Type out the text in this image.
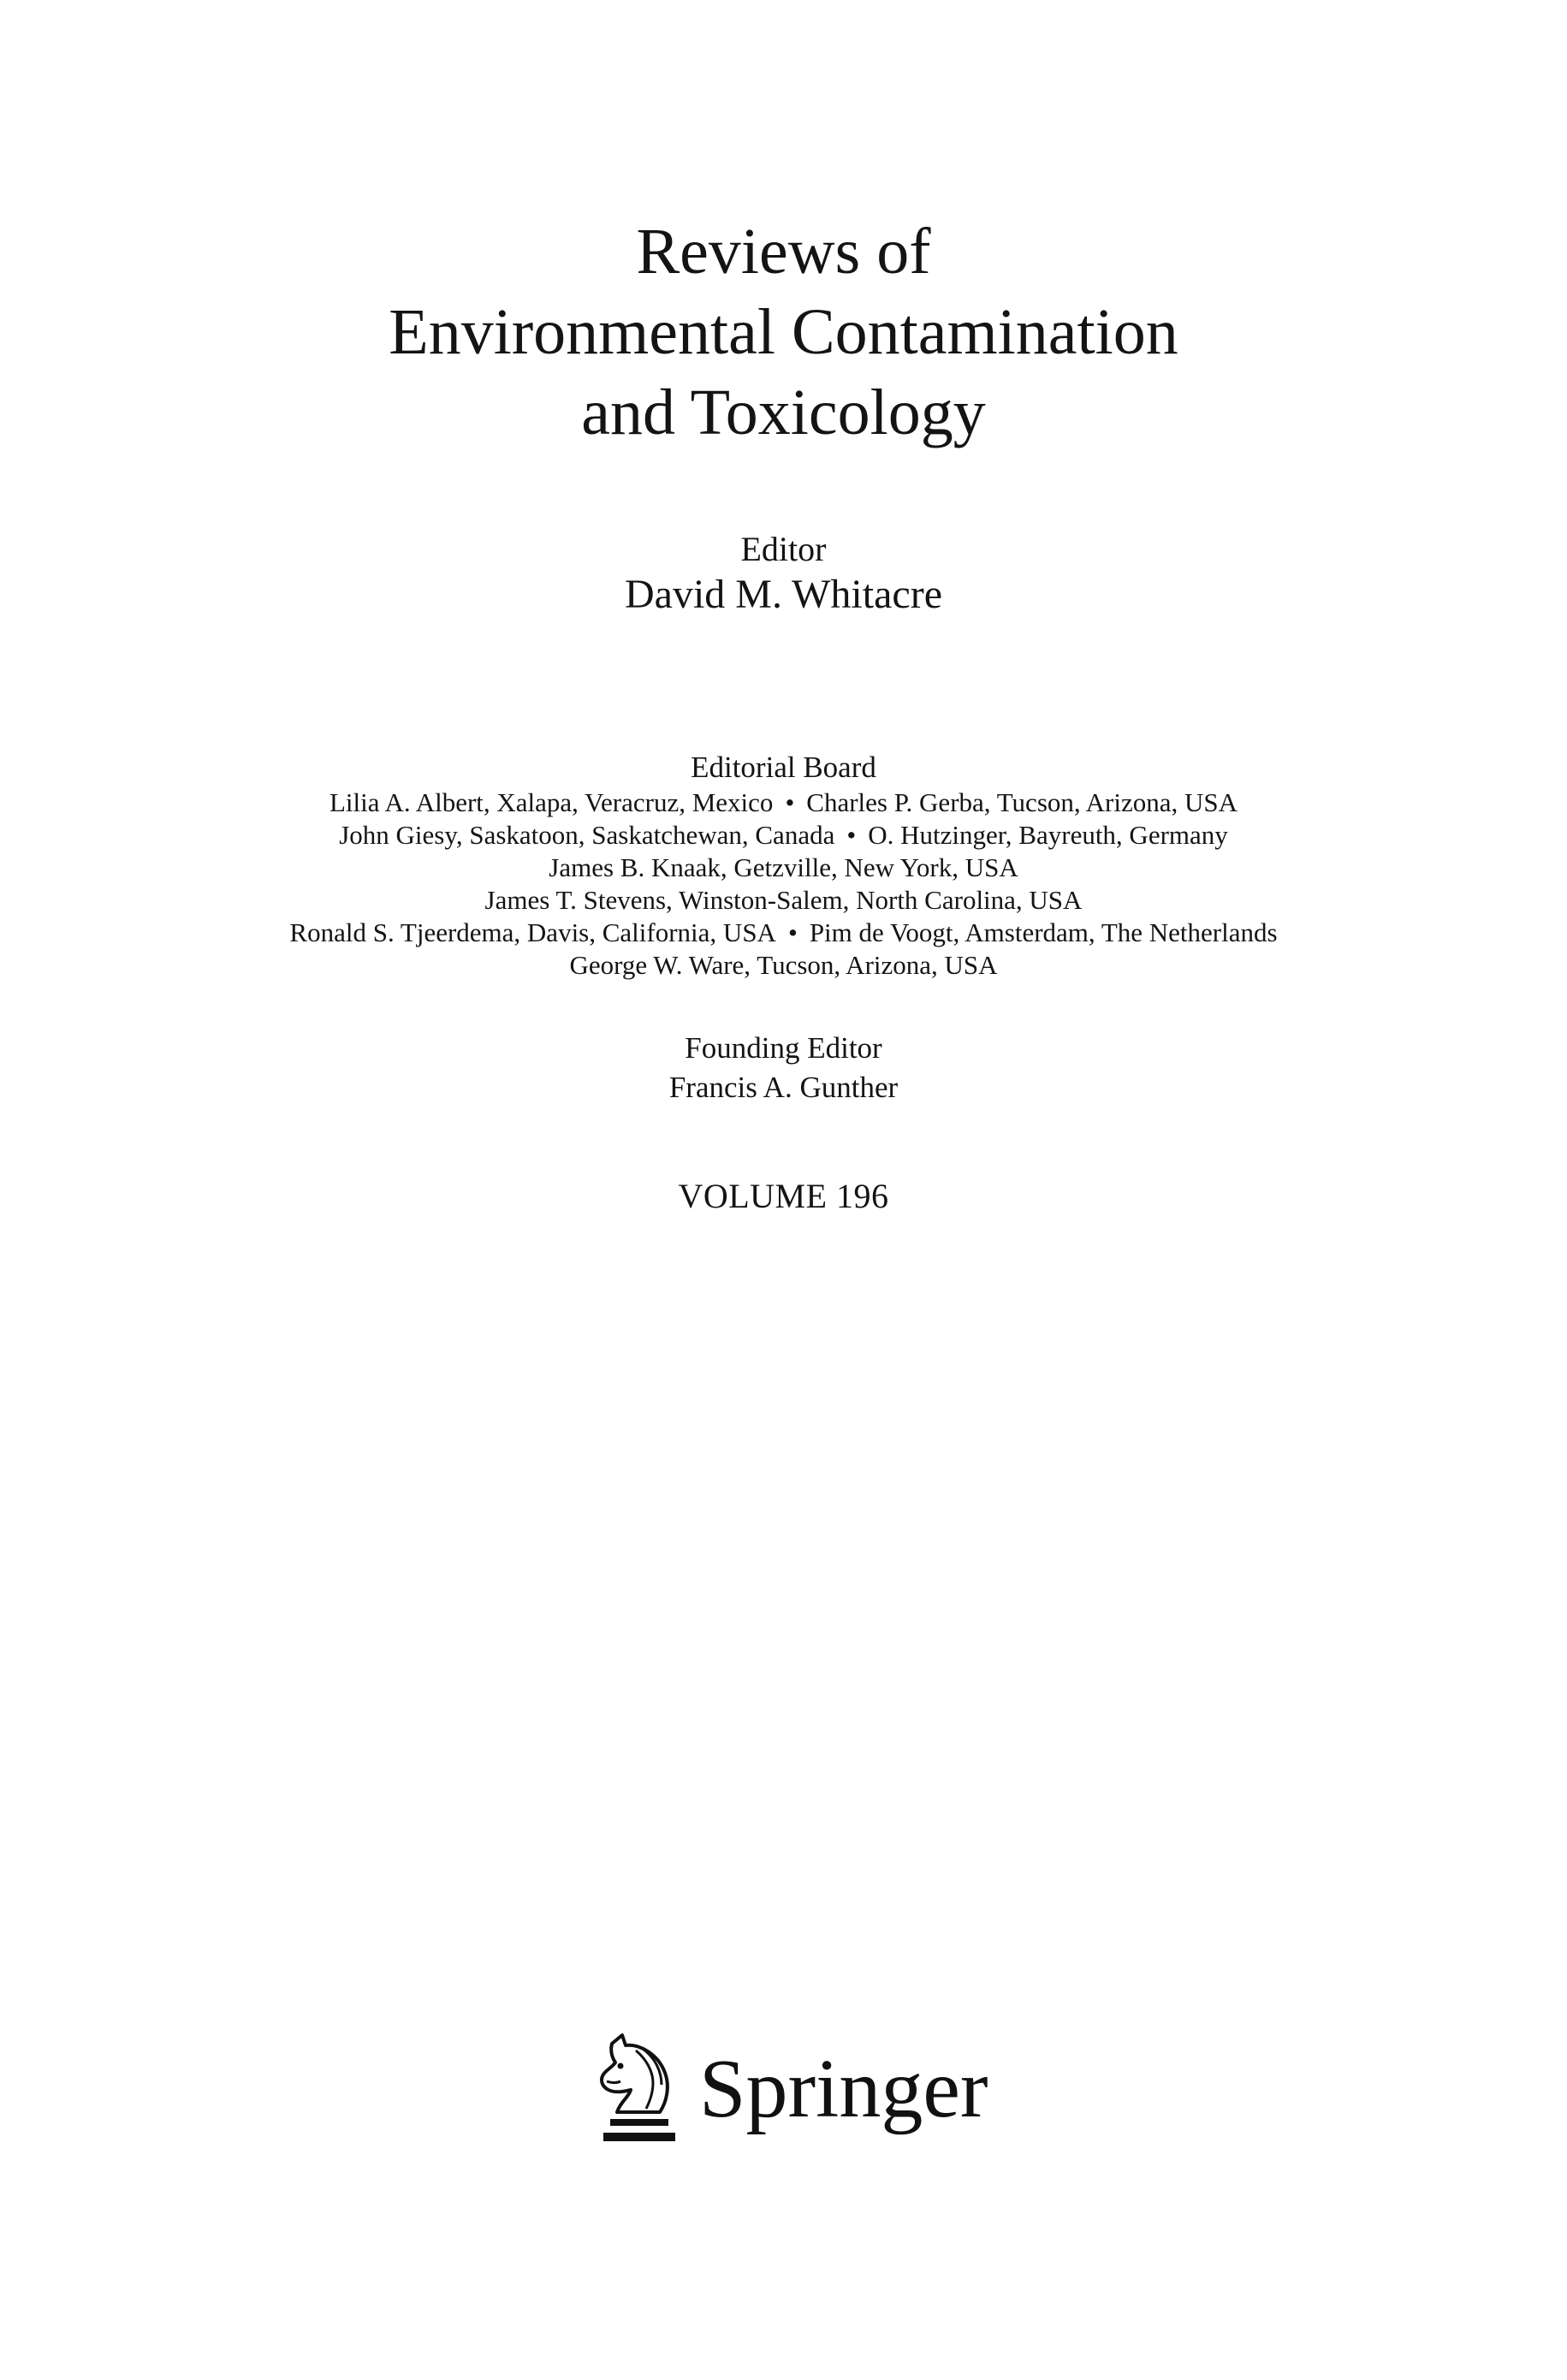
Reviews of
Environmental Contamination
and Toxicology

Editor

David M. Whitacre

Editorial Board

Lilia A. Albert, Xalapa, Veracruz, Mexico • Charles P. Gerba, Tucson, Arizona, USA

John Giesy, Saskatoon, Saskatchewan, Canada • O. Hutzinger, Bayreuth, Germany

James B. Knaak, Getzville, New York, USA

James T. Stevens, Winston-Salem, North Carolina, USA

Ronald S. Tjeerdema, Davis, California, USA • Pim de Voogt, Amsterdam, The Netherlands

George W. Ware, Tucson, Arizona, USA

Founding Editor

Francis A. Gunther

VOLUME 196

Springer
